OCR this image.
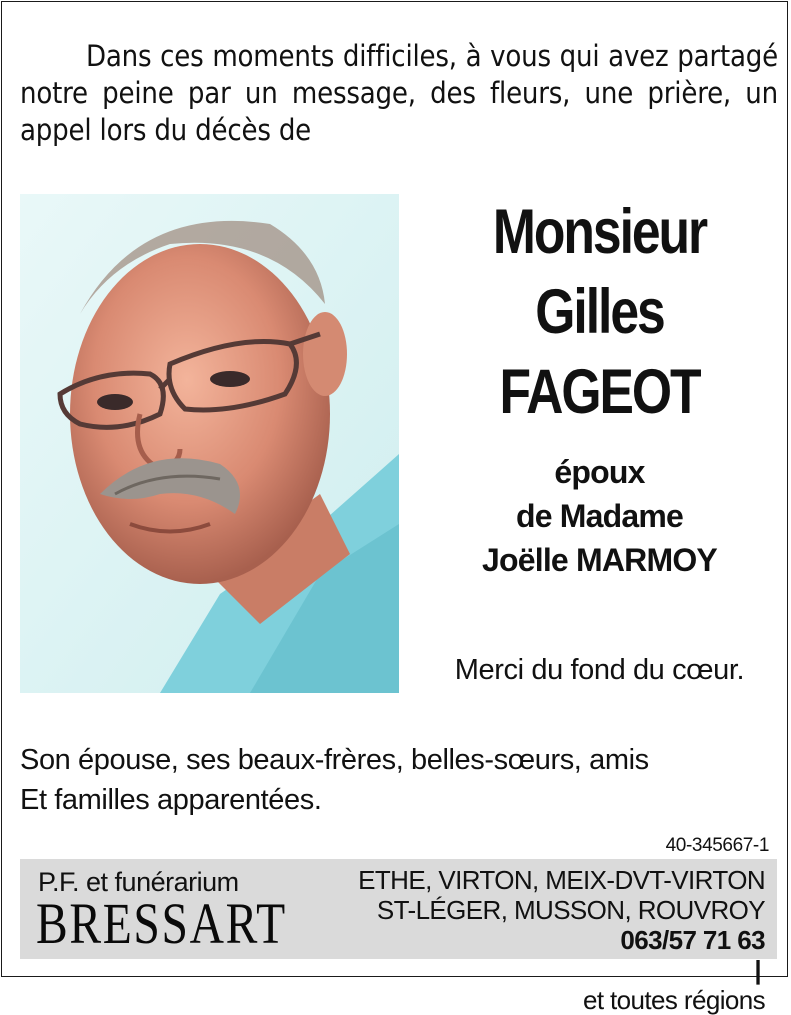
Dans ces moments difficiles, à vous qui avez partagé notre peine par un message, des fleurs, une prière, un appel lors du décès de
Monsieur
Gilles
FAGEOT
époux
de Madame
Joëlle MARMOY
Merci du fond du cœur.
Son épouse, ses beaux-frères, belles-sœurs, amis
Et familles apparentées.
40-345667-1
P.F. et funérarium
BRESSART
ETHE, VIRTON, MEIX-DVT-VIRTON
ST-LÉGER, MUSSON, ROUVROY
063/57 71 63
|
et toutes régions
